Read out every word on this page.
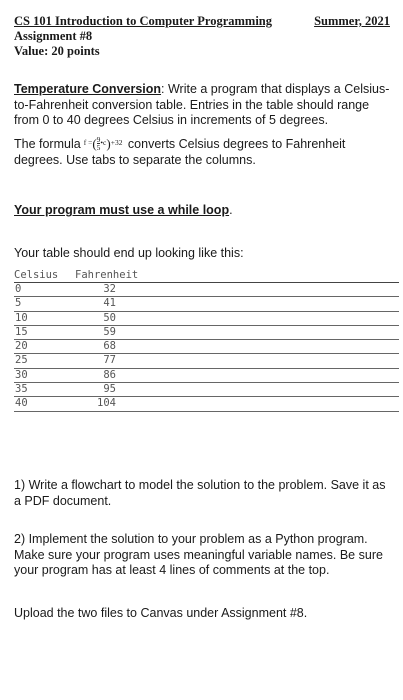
CS 101 Introduction to Computer Programming	Summer, 2021
Assignment #8
Value: 20 points

Temperature Conversion: Write a program that displays a Celsius-to-Fahrenheit conversion table. Entries in the table should range from 0 to 40 degrees Celsius in increments of 5 degrees.

The formula f =( $\frac{9}{5}$ •c)+32 converts Celsius degrees to Fahrenheit degrees. Use tabs to separate the columns.

Your program must use a while loop.

Your table should end up looking like this:

Celsius	Fahrenheit
0	32
5	41
10	50
15	59
20	68
25	77
30	86
35	95
40	104

1) Write a flowchart to model the solution to the problem. Save it as a PDF document.

2) Implement the solution to your problem as a Python program. Make sure your program uses meaningful variable names. Be sure your program has at least 4 lines of comments at the top.

Upload the two files to Canvas under Assignment #8.
